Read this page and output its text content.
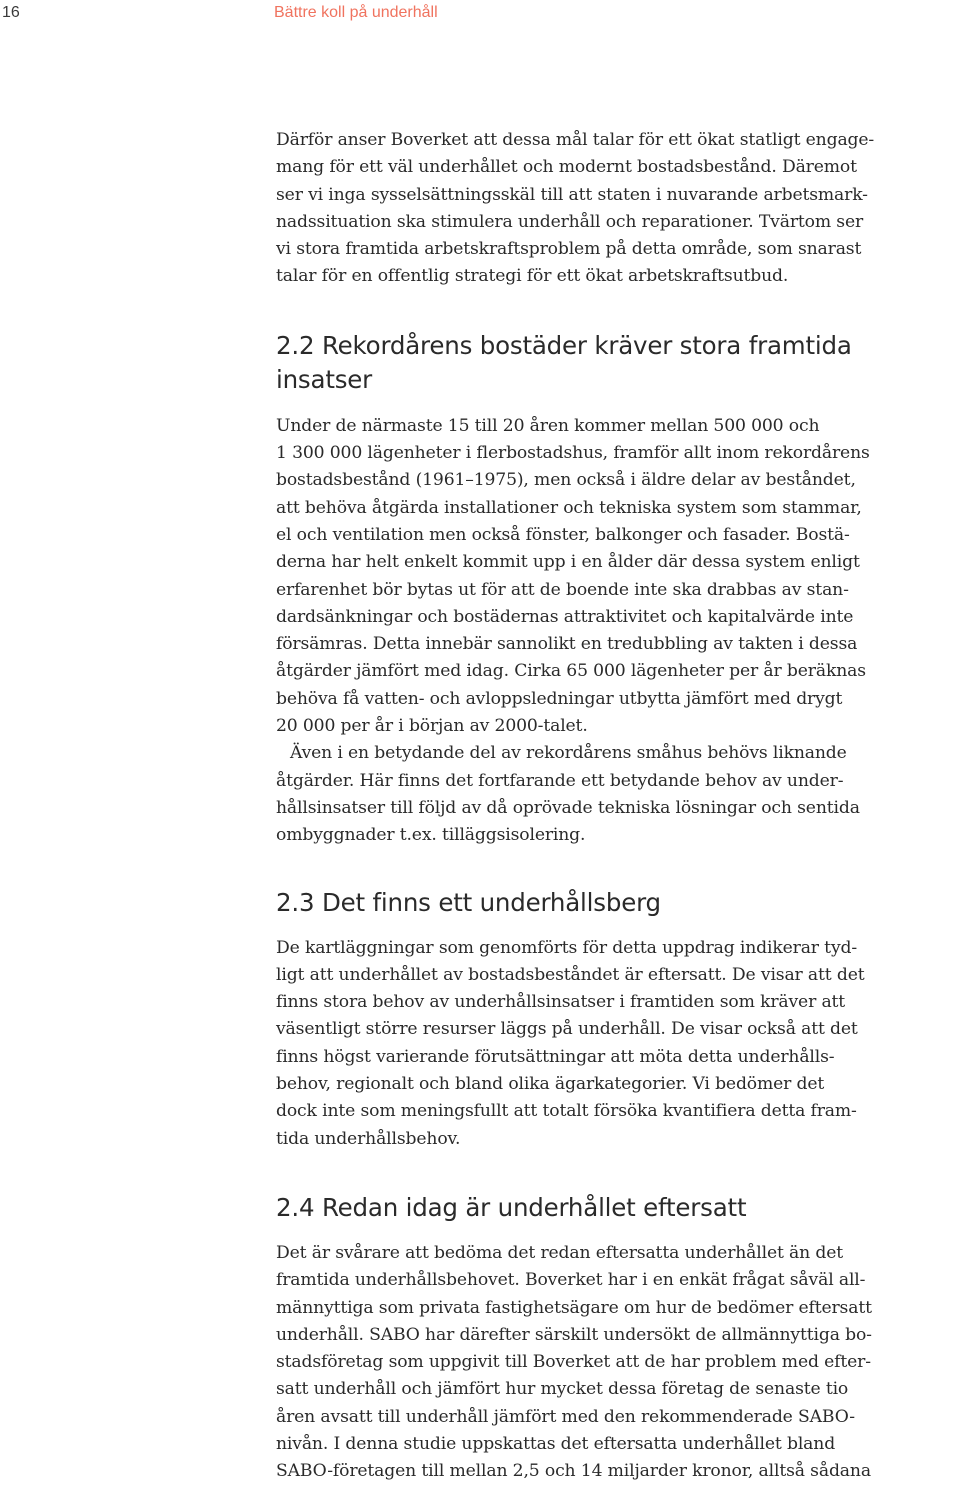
16	Bättre koll på underhåll

Därför anser Boverket att dessa mål talar för ett ökat statligt engage-
mang för ett väl underhållet och modernt bostadsbestånd. Däremot
ser vi inga sysselsättningsskäl till att staten i nuvarande arbetsmark-
nadssituation ska stimulera underhåll och reparationer. Tvärtom ser
vi stora framtida arbetskraftsproblem på detta område, som snarast
talar för en offentlig strategi för ett ökat arbetskraftsutbud.

2.2 Rekordårens bostäder kräver stora framtida
insatser

Under de närmaste 15 till 20 åren kommer mellan 500 000 och
1 300 000 lägenheter i flerbostadshus, framför allt inom rekordårens
bostadsbestånd (1961–1975), men också i äldre delar av beståndet,
att behöva åtgärda installationer och tekniska system som stammar,
el och ventilation men också fönster, balkonger och fasader. Bostä-
derna har helt enkelt kommit upp i en ålder där dessa system enligt
erfarenhet bör bytas ut för att de boende inte ska drabbas av stan-
dardsänkningar och bostädernas attraktivitet och kapitalvärde inte
försämras. Detta innebär sannolikt en tredubbling av takten i dessa
åtgärder jämfört med idag. Cirka 65 000 lägenheter per år beräknas
behöva få vatten- och avloppsledningar utbytta jämfört med drygt
20 000 per år i början av 2000-talet.

Även i en betydande del av rekordårens småhus behövs liknande
åtgärder. Här finns det fortfarande ett betydande behov av under-
hållsinsatser till följd av då oprövade tekniska lösningar och sentida
ombyggnader t.ex. tilläggsisolering.

2.3 Det finns ett underhållsberg

De kartläggningar som genomförts för detta uppdrag indikerar tyd-
ligt att underhållet av bostadsbeståndet är eftersatt. De visar att det
finns stora behov av underhållsinsatser i framtiden som kräver att
väsentligt större resurser läggs på underhåll. De visar också att det
finns högst varierande förutsättningar att möta detta underhålls-
behov, regionalt och bland olika ägarkategorier. Vi bedömer det
dock inte som meningsfullt att totalt försöka kvantifiera detta fram-
tida underhållsbehov.

2.4 Redan idag är underhållet eftersatt

Det är svårare att bedöma det redan eftersatta underhållet än det
framtida underhållsbehovet. Boverket har i en enkät frågat såväl all-
männyttiga som privata fastighetsägare om hur de bedömer eftersatt
underhåll. SABO har därefter särskilt undersökt de allmännyttiga bo-
stadsföretag som uppgivit till Boverket att de har problem med efter-
satt underhåll och jämfört hur mycket dessa företag de senaste tio
åren avsatt till underhåll jämfört med den rekommenderade SABO-
nivån. I denna studie uppskattas det eftersatta underhållet bland
SABO-företagen till mellan 2,5 och 14 miljarder kronor, alltså sådana
